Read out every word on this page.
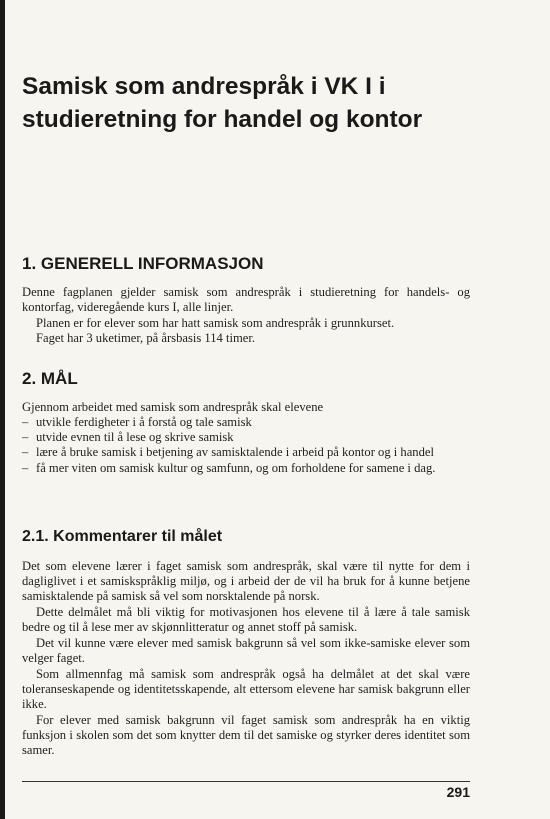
Samisk som andrespråk i VK I i studieretning for handel og kontor
1. GENERELL INFORMASJON

Denne fagplanen gjelder samisk som andrespråk i studieretning for handels- og kontorfag, videregående kurs I, alle linjer.

Planen er for elever som har hatt samisk som andrespråk i grunnkurset.

Faget har 3 uketimer, på årsbasis 114 timer.

2. MÅL

Gjennom arbeidet med samisk som andrespråk skal elevene

– utvikle ferdigheter i å forstå og tale samisk
– utvide evnen til å lese og skrive samisk
– lære å bruke samisk i betjening av samisktalende i arbeid på kontor og i handel
– få mer viten om samisk kultur og samfunn, og om forholdene for samene i dag.
2.1. Kommentarer til målet

Det som elevene lærer i faget samisk som andrespråk, skal være til nytte for dem i dagliglivet i et samiskspråklig miljø, og i arbeid der de vil ha bruk for å kunne betjene samisktalende på samisk så vel som norsktalende på norsk.

Dette delmålet må bli viktig for motivasjonen hos elevene til å lære å tale samisk bedre og til å lese mer av skjønnlitteratur og annet stoff på samisk.

Det vil kunne være elever med samisk bakgrunn så vel som ikke-samiske elever som velger faget.

Som allmennfag må samisk som andrespråk også ha delmålet at det skal være toleranseskapende og identitetsskapende, alt ettersom elevene har samisk bakgrunn eller ikke.

For elever med samisk bakgrunn vil faget samisk som andrespråk ha en viktig funksjon i skolen som det som knytter dem til det samiske og styrker deres identitet som samer.

291
